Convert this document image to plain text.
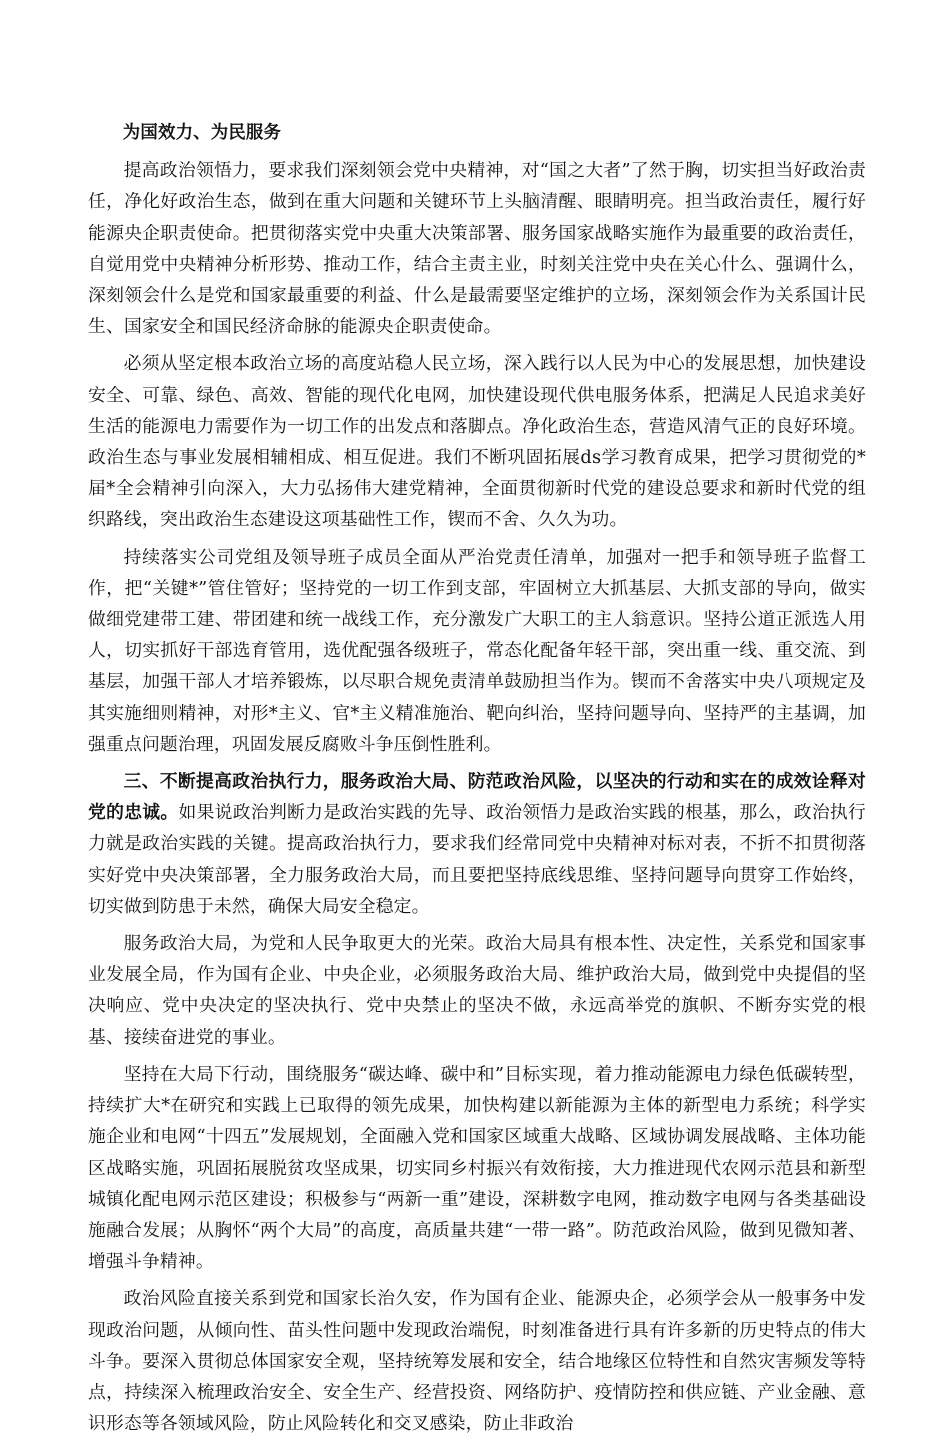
为国效力、为民服务

提高政治领悟力，要求我们深刻领会党中央精神，对“国之大者”了然于胸，切实担当好政治责任，净化好政治生态，做到在重大问题和关键环节上头脑清醒、眼睛明亮。担当政治责任，履行好能源央企职责使命。把贯彻落实党中央重大决策部署、服务国家战略实施作为最重要的政治责任，自觉用党中央精神分析形势、推动工作，结合主责主业，时刻关注党中央在关心什么、强调什么，深刻领会什么是党和国家最重要的利益、什么是最需要坚定维护的立场，深刻领会作为关系国计民生、国家安全和国民经济命脉的能源央企职责使命。

必须从坚定根本政治立场的高度站稳人民立场，深入践行以人民为中心的发展思想，加快建设安全、可靠、绿色、高效、智能的现代化电网，加快建设现代供电服务体系，把满足人民追求美好生活的能源电力需要作为一切工作的出发点和落脚点。净化政治生态，营造风清气正的良好环境。政治生态与事业发展相辅相成、相互促进。我们不断巩固拓展ds学习教育成果，把学习贯彻党的*届*全会精神引向深入，大力弘扬伟大建党精神，全面贯彻新时代党的建设总要求和新时代党的组织路线，突出政治生态建设这项基础性工作，锲而不舍、久久为功。

持续落实公司党组及领导班子成员全面从严治党责任清单，加强对一把手和领导班子监督工作，把“关键*”管住管好；坚持党的一切工作到支部，牢固树立大抓基层、大抓支部的导向，做实做细党建带工建、带团建和统一战线工作，充分激发广大职工的主人翁意识。坚持公道正派选人用人，切实抓好干部选育管用，选优配强各级班子，常态化配备年轻干部，突出重一线、重交流、到基层，加强干部人才培养锻炼，以尽职合规免责清单鼓励担当作为。锲而不舍落实中央八项规定及其实施细则精神，对形*主义、官*主义精准施治、靶向纠治，坚持问题导向、坚持严的主基调，加强重点问题治理，巩固发展反腐败斗争压倒性胜利。

三、不断提高政治执行力，服务政治大局、防范政治风险，以坚决的行动和实在的成效诠释对党的忠诚。如果说政治判断力是政治实践的先导、政治领悟力是政治实践的根基，那么，政治执行力就是政治实践的关键。提高政治执行力，要求我们经常同党中央精神对标对表，不折不扣贯彻落实好党中央决策部署，全力服务政治大局，而且要把坚持底线思维、坚持问题导向贯穿工作始终，切实做到防患于未然，确保大局安全稳定。

服务政治大局，为党和人民争取更大的光荣。政治大局具有根本性、决定性，关系党和国家事业发展全局，作为国有企业、中央企业，必须服务政治大局、维护政治大局，做到党中央提倡的坚决响应、党中央决定的坚决执行、党中央禁止的坚决不做，永远高举党的旗帜、不断夯实党的根基、接续奋进党的事业。

坚持在大局下行动，围绕服务“碳达峰、碳中和”目标实现，着力推动能源电力绿色低碳转型，持续扩大*在研究和实践上已取得的领先成果，加快构建以新能源为主体的新型电力系统；科学实施企业和电网“十四五”发展规划，全面融入党和国家区域重大战略、区域协调发展战略、主体功能区战略实施，巩固拓展脱贫攻坚成果，切实同乡村振兴有效衔接，大力推进现代农网示范县和新型城镇化配电网示范区建设；积极参与“两新一重”建设，深耕数字电网，推动数字电网与各类基础设施融合发展；从胸怀“两个大局”的高度，高质量共建“一带一路”。防范政治风险，做到见微知著、增强斗争精神。

政治风险直接关系到党和国家长治久安，作为国有企业、能源央企，必须学会从一般事务中发现政治问题，从倾向性、苗头性问题中发现政治端倪，时刻准备进行具有许多新的历史特点的伟大斗争。要深入贯彻总体国家安全观，坚持统筹发展和安全，结合地缘区位特性和自然灾害频发等特点，持续深入梳理政治安全、安全生产、经营投资、网络防护、疫情防控和供应链、产业金融、意识形态等各领域风险，防止风险转化和交叉感染，防止非政治
